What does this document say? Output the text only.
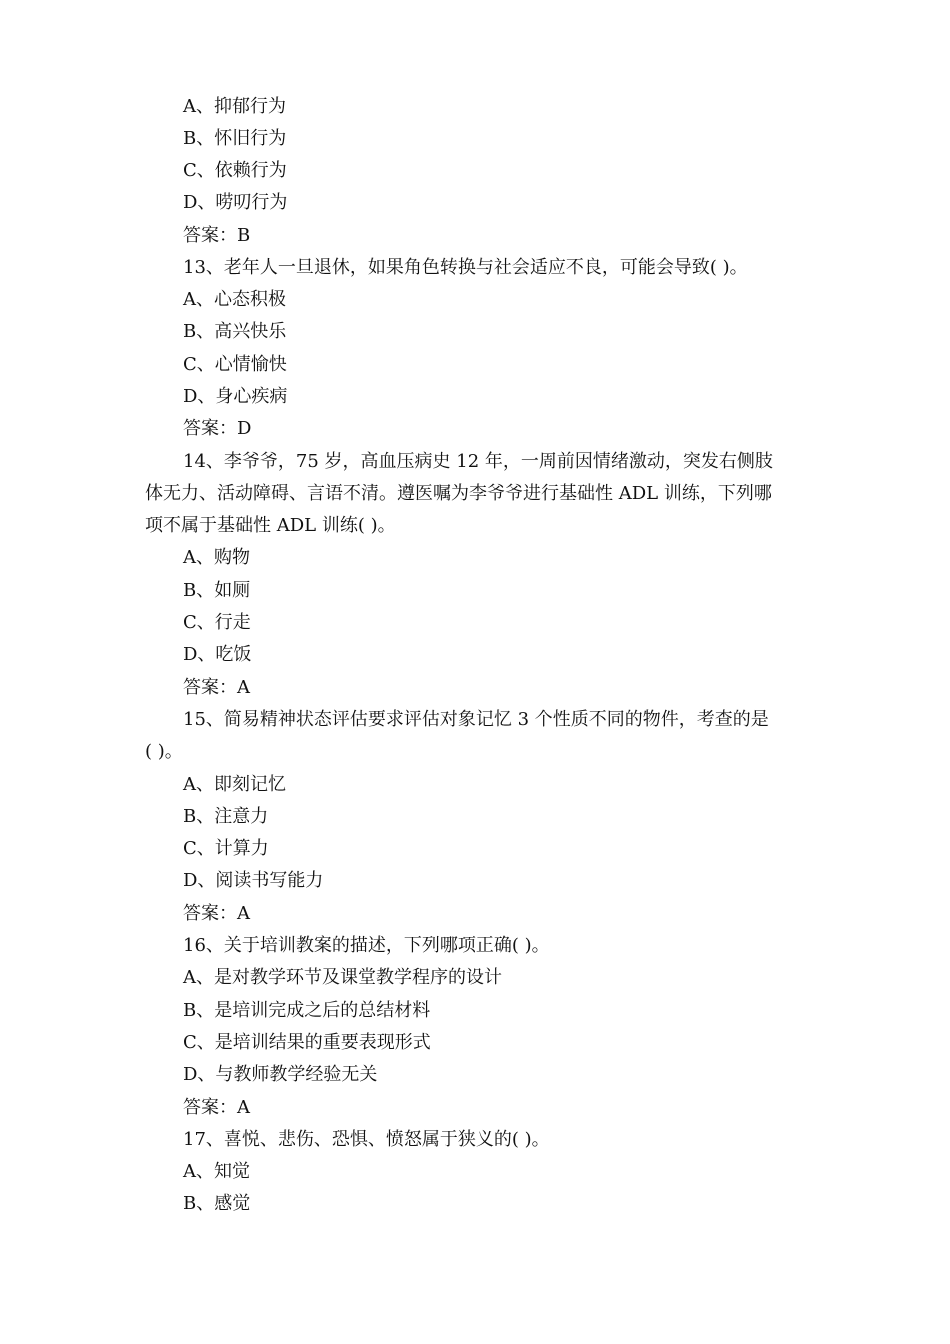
A、抑郁行为
B、怀旧行为
C、依赖行为
D、唠叨行为
答案：B
13、老年人一旦退休，如果角色转换与社会适应不良，可能会导致( )。
A、心态积极
B、高兴快乐
C、心情愉快
D、身心疾病
答案：D
14、李爷爷，75 岁，高血压病史 12 年，一周前因情绪激动，突发右侧肢
体无力、活动障碍、言语不清。遵医嘱为李爷爷进行基础性 ADL 训练，下列哪
项不属于基础性 ADL 训练( )。
A、购物
B、如厕
C、行走
D、吃饭
答案：A
15、简易精神状态评估要求评估对象记忆 3 个性质不同的物件，考查的是
( )。
A、即刻记忆
B、注意力
C、计算力
D、阅读书写能力
答案：A
16、关于培训教案的描述，下列哪项正确( )。
A、是对教学环节及课堂教学程序的设计
B、是培训完成之后的总结材料
C、是培训结果的重要表现形式
D、与教师教学经验无关
答案：A
17、喜悦、悲伤、恐惧、愤怒属于狭义的( )。
A、知觉
B、感觉
